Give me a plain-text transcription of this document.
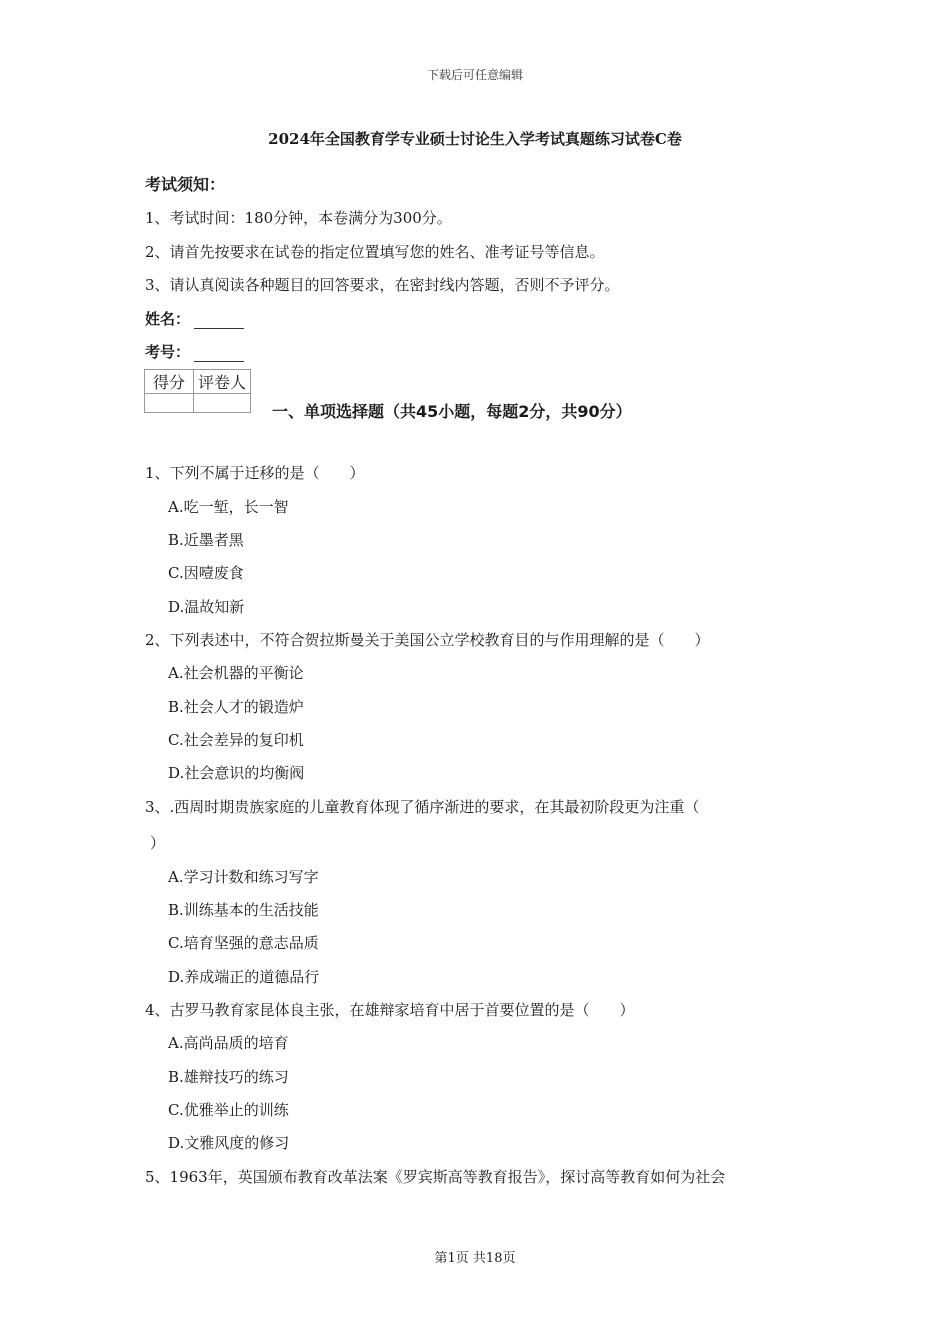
下载后可任意编辑
2024年全国教育学专业硕士讨论生入学考试真题练习试卷C卷
考试须知：
1、考试时间：180分钟，本卷满分为300分。
2、请首先按要求在试卷的指定位置填写您的姓名、准考证号等信息。
3、请认真阅读各种题目的回答要求，在密封线内答题，否则不予评分。
姓名：
考号：
得分	评卷人

一、单项选择题（共45小题，每题2分，共90分）
1、下列不属于迁移的是（　　）
A.吃一堑，长一智
B.近墨者黑
C.因噎废食
D.温故知新
2、下列表述中，不符合贺拉斯曼关于美国公立学校教育目的与作用理解的是（　　）
A.社会机器的平衡论
B.社会人才的锻造炉
C.社会差异的复印机
D.社会意识的均衡阀
3、.西周时期贵族家庭的儿童教育体现了循序渐进的要求，在其最初阶段更为注重（
）
A.学习计数和练习写字
B.训练基本的生活技能
C.培育坚强的意志品质
D.养成端正的道德品行
4、古罗马教育家昆体良主张，在雄辩家培育中居于首要位置的是（　　）
A.高尚品质的培育
B.雄辩技巧的练习
C.优雅举止的训练
D.文雅风度的修习
5、1963年，英国颁布教育改革法案《罗宾斯高等教育报告》，探讨高等教育如何为社会
第1页 共18页
